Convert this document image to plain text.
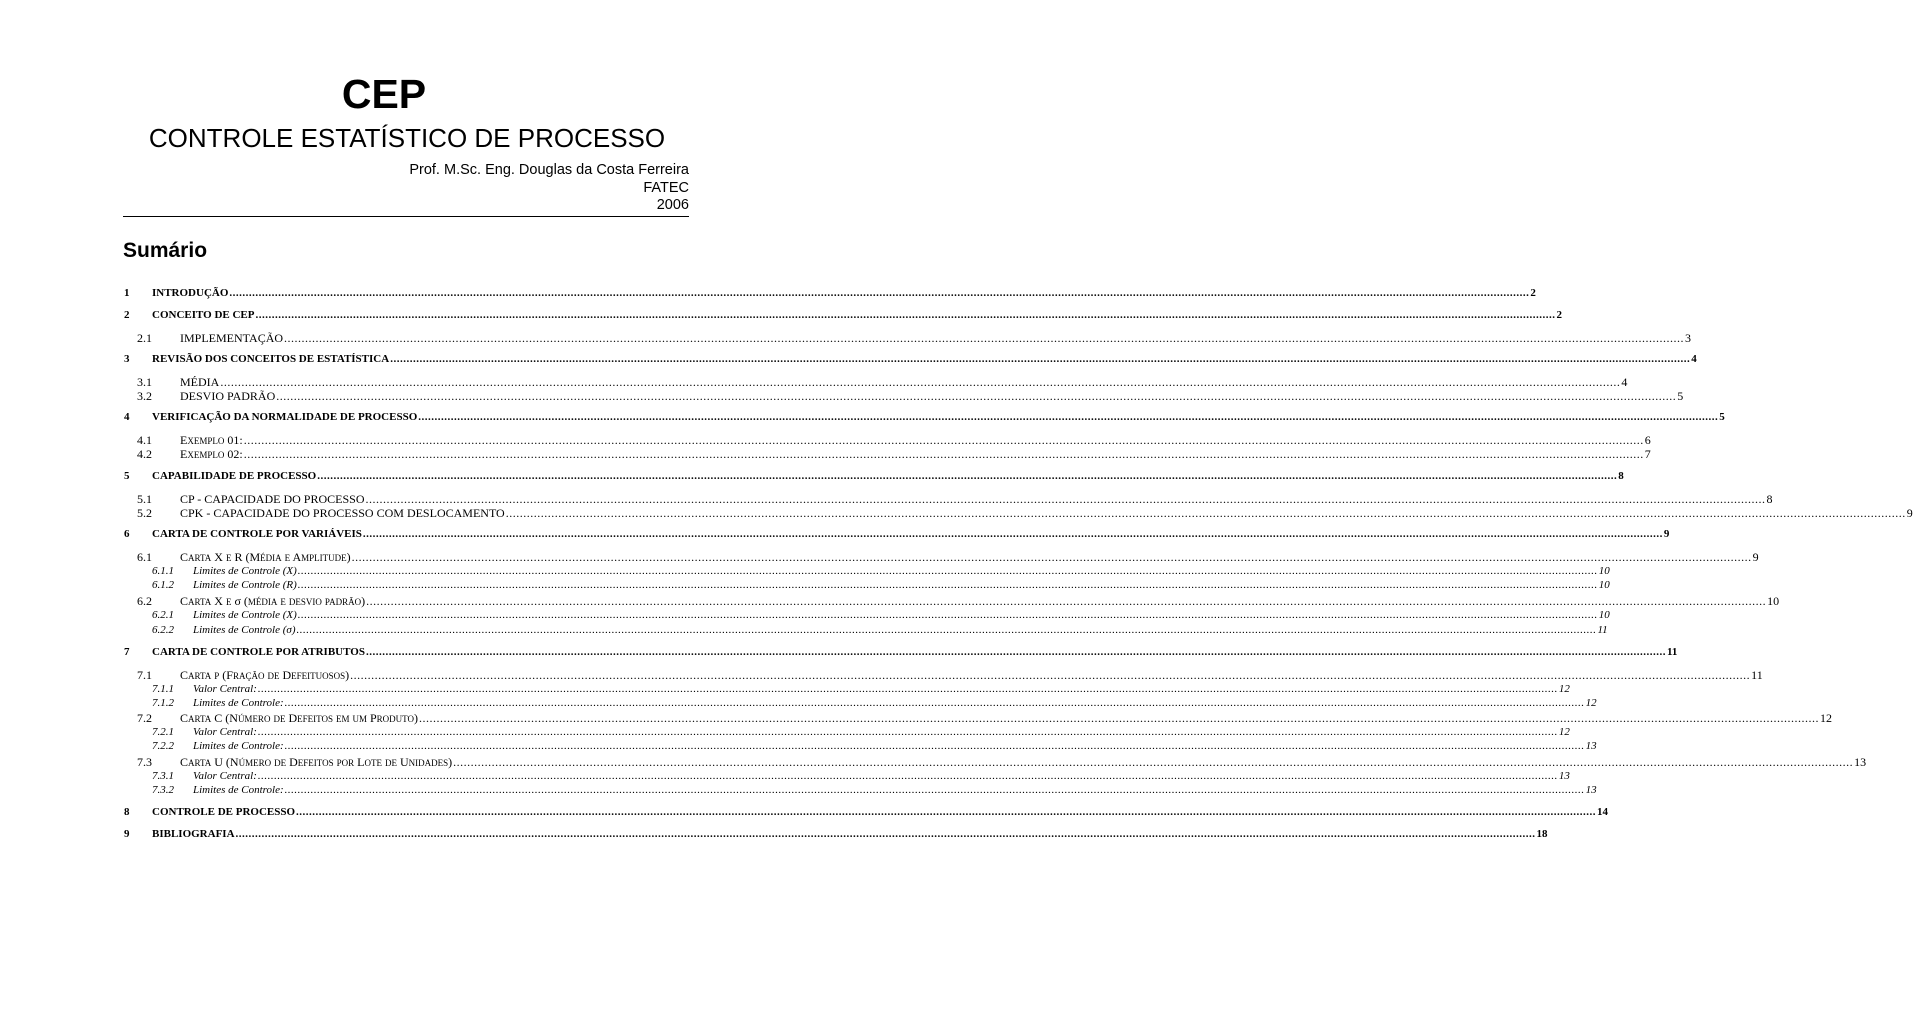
CEP
CONTROLE ESTATÍSTICO DE PROCESSO
Prof. M.Sc. Eng. Douglas da Costa Ferreira
FATEC
2006
Sumário
1 INTRODUÇÃO ................................................................................................................................................................................................................................................................................................................................................................................................................ 2
2 CONCEITO DE CEP ................................................................................................................................................................................................................................................................................................................................................................................................................ 2
2.1 IMPLEMENTAÇÃO ................................................................................................................................................................................................................................................................................................................................................................................................................ 3
3 REVISÃO DOS CONCEITOS DE ESTATÍSTICA ................................................................................................................................................................................................................................................................................................................................................................................................................ 4
3.1 MÉDIA ................................................................................................................................................................................................................................................................................................................................................................................................................ 4
3.2 DESVIO PADRÃO ................................................................................................................................................................................................................................................................................................................................................................................................................ 5
4 VERIFICAÇÃO DA NORMALIDADE DE PROCESSO ................................................................................................................................................................................................................................................................................................................................................................................................................ 5
4.1 EXEMPLO 01: ................................................................................................................................................................................................................................................................................................................................................................................................................ 6
4.2 EXEMPLO 02: ................................................................................................................................................................................................................................................................................................................................................................................................................ 7
5 CAPABILIDADE DE PROCESSO ................................................................................................................................................................................................................................................................................................................................................................................................................ 8
5.1 CP - CAPACIDADE DO PROCESSO ................................................................................................................................................................................................................................................................................................................................................................................................................ 8
5.2 CPK - CAPACIDADE DO PROCESSO COM DESLOCAMENTO ................................................................................................................................................................................................................................................................................................................................................................................................................ 9
6 CARTA DE CONTROLE POR VARIÁVEIS ................................................................................................................................................................................................................................................................................................................................................................................................................ 9
6.1 CARTA X E R (MÉDIA E AMPLITUDE) ................................................................................................................................................................................................................................................................................................................................................................................................................ 9
6.1.1 Limites de Controle (X) ................................................................................................................................................................................................................................................................................................................................................................................................................ 10
6.1.2 Limites de Controle (R) ................................................................................................................................................................................................................................................................................................................................................................................................................ 10
6.2 CARTA X E σ (MÉDIA E DESVIO PADRÃO) ................................................................................................................................................................................................................................................................................................................................................................................................................ 10
6.2.1 Limites de Controle (X) ................................................................................................................................................................................................................................................................................................................................................................................................................ 10
6.2.2 Limites de Controle (σ) ................................................................................................................................................................................................................................................................................................................................................................................................................ 11
7 CARTA DE CONTROLE POR ATRIBUTOS ................................................................................................................................................................................................................................................................................................................................................................................................................ 11
7.1 CARTA P (FRAÇÃO DE DEFEITUOSOS) ................................................................................................................................................................................................................................................................................................................................................................................................................ 11
7.1.1 Valor Central: ................................................................................................................................................................................................................................................................................................................................................................................................................ 12
7.1.2 Limites de Controle: ................................................................................................................................................................................................................................................................................................................................................................................................................ 12
7.2 CARTA C (NÚMERO DE DEFEITOS EM UM PRODUTO) ................................................................................................................................................................................................................................................................................................................................................................................................................ 12
7.2.1 Valor Central: ................................................................................................................................................................................................................................................................................................................................................................................................................ 12
7.2.2 Limites de Controle: ................................................................................................................................................................................................................................................................................................................................................................................................................ 13
7.3 CARTA U (NÚMERO DE DEFEITOS POR LOTE DE UNIDADES) ................................................................................................................................................................................................................................................................................................................................................................................................................ 13
7.3.1 Valor Central: ................................................................................................................................................................................................................................................................................................................................................................................................................ 13
7.3.2 Limites de Controle: ................................................................................................................................................................................................................................................................................................................................................................................................................ 13
8 CONTROLE DE PROCESSO ................................................................................................................................................................................................................................................................................................................................................................................................................ 14
9 BIBLIOGRAFIA ................................................................................................................................................................................................................................................................................................................................................................................................................ 18
